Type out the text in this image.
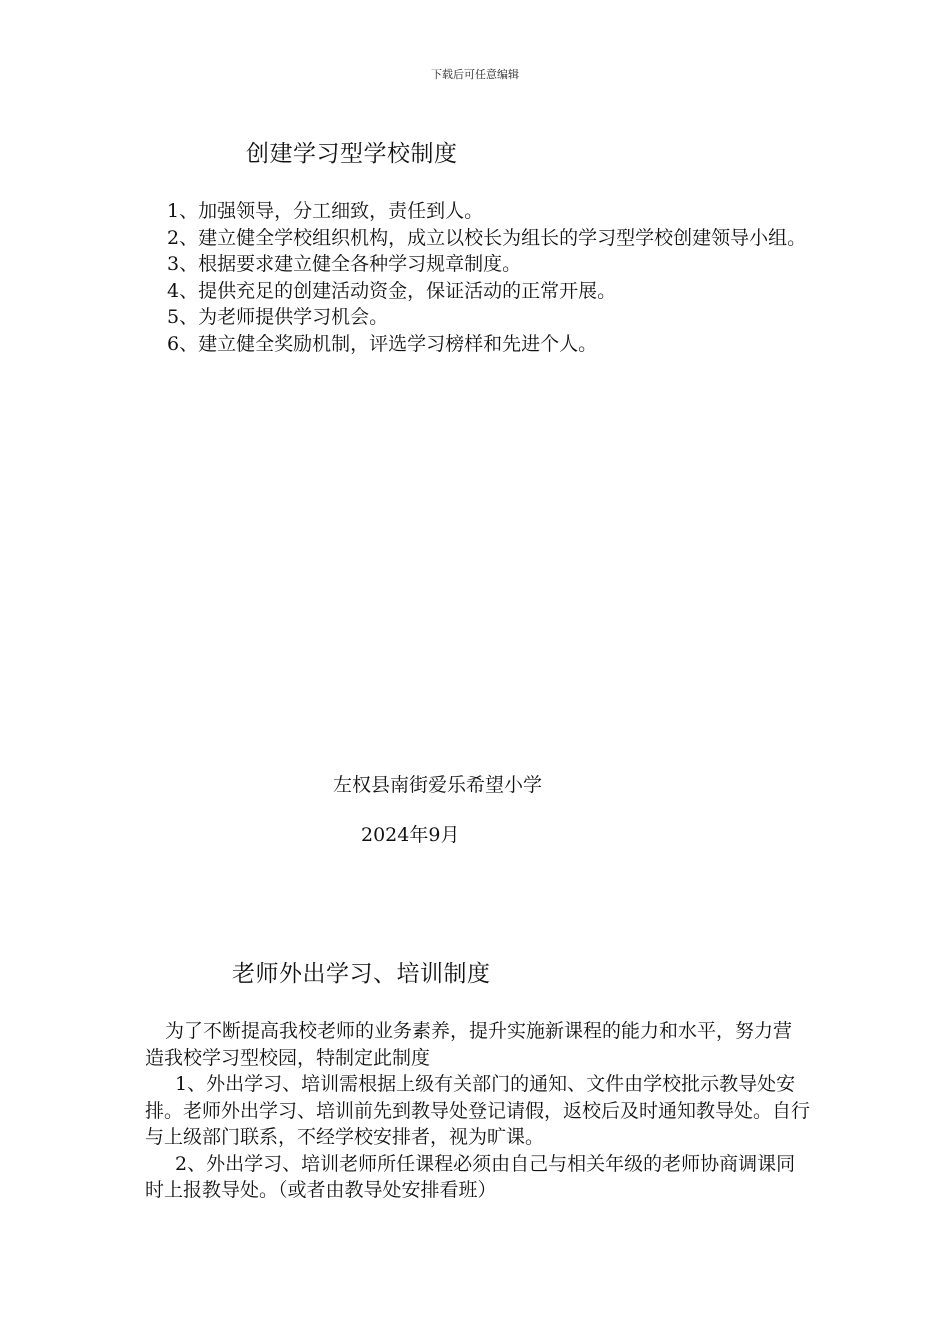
下载后可任意编辑
创建学习型学校制度

1、加强领导，分工细致，责任到人。

2、建立健全学校组织机构，成立以校长为组长的学习型学校创建领导小组。

3、根据要求建立健全各种学习规章制度。

4、提供充足的创建活动资金，保证活动的正常开展。

5、为老师提供学习机会。

6、建立健全奖励机制，评选学习榜样和先进个人。

左权县南街爱乐希望小学
2024年9月
老师外出学习、培训制度

为了不断提高我校老师的业务素养，提升实施新课程的能力和水平，努力营造我校学习型校园，特制定此制度

1、外出学习、培训需根据上级有关部门的通知、文件由学校批示教导处安排。老师外出学习、培训前先到教导处登记请假，返校后及时通知教导处。自行与上级部门联系，不经学校安排者，视为旷课。

2、外出学习、培训老师所任课程必须由自己与相关年级的老师协商调课同时上报教导处。（或者由教导处安排看班）
